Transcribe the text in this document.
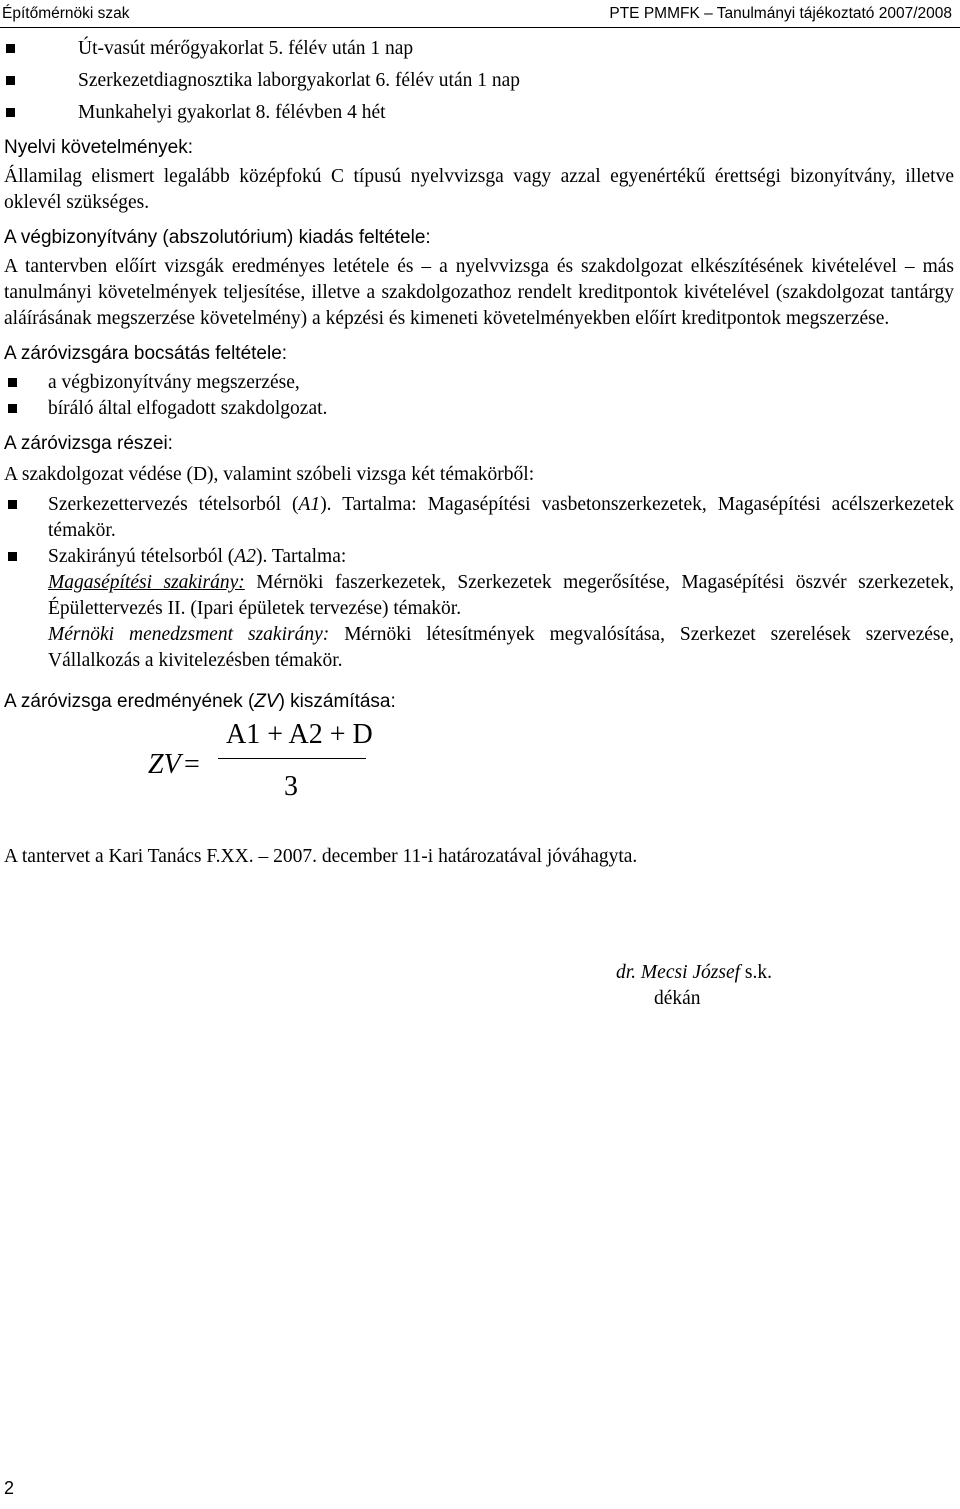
Építőmérnöki szak	PTE PMMFK – Tanulmányi tájékoztató 2007/2008
Út-vasút mérőgyakorlat 5. félév után 1 nap
Szerkezetdiagnosztika laborgyakorlat 6. félév után 1 nap
Munkahelyi gyakorlat 8. félévben 4 hét
Nyelvi követelmények:
Államilag elismert legalább középfokú C típusú nyelvvizsga vagy azzal egyenértékű érettségi bizonyítvány, illetve oklevél szükséges.
A végbizonyítvány (abszolutórium) kiadás feltétele:
A tantervben előírt vizsgák eredményes letétele és – a nyelvvizsga és szakdolgozat elkészítésének kivételével – más tanulmányi követelmények teljesítése, illetve a szakdolgozathoz rendelt kreditpontok kivételével (szakdolgozat tantárgy aláírásának megszerzése követelmény) a képzési és kimeneti követelményekben előírt kreditpontok megszerzése.
A záróvizsgára bocsátás feltétele:
a végbizonyítvány megszerzése,
bíráló által elfogadott szakdolgozat.
A záróvizsga részei:
A szakdolgozat védése (D), valamint szóbeli vizsga két témakörből:
Szerkezettervezés tételsorból (A1). Tartalma: Magasépítési vasbetonszerkezetek, Magasépítési acélszerkezetek témakör.
Szakirányú tételsorból (A2). Tartalma:
Magasépítési szakirány: Mérnöki faszerkezetek, Szerkezetek megerősítése, Magasépítési öszvér szerkezetek, Épülettervezés II. (Ipari épületek tervezése) témakör.
Mérnöki menedzsment szakirány: Mérnöki létesítmények megvalósítása, Szerkezet szerelések szervezése, Vállalkozás a kivitelezésben témakör.
A záróvizsga eredményének (ZV) kiszámítása:
ZV =
A1 + A2 + D
3
A tantervet a Kari Tanács F.XX. – 2007. december 11-i határozatával jóváhagyta.
dr. Mecsi József s.k.
dékán
2
